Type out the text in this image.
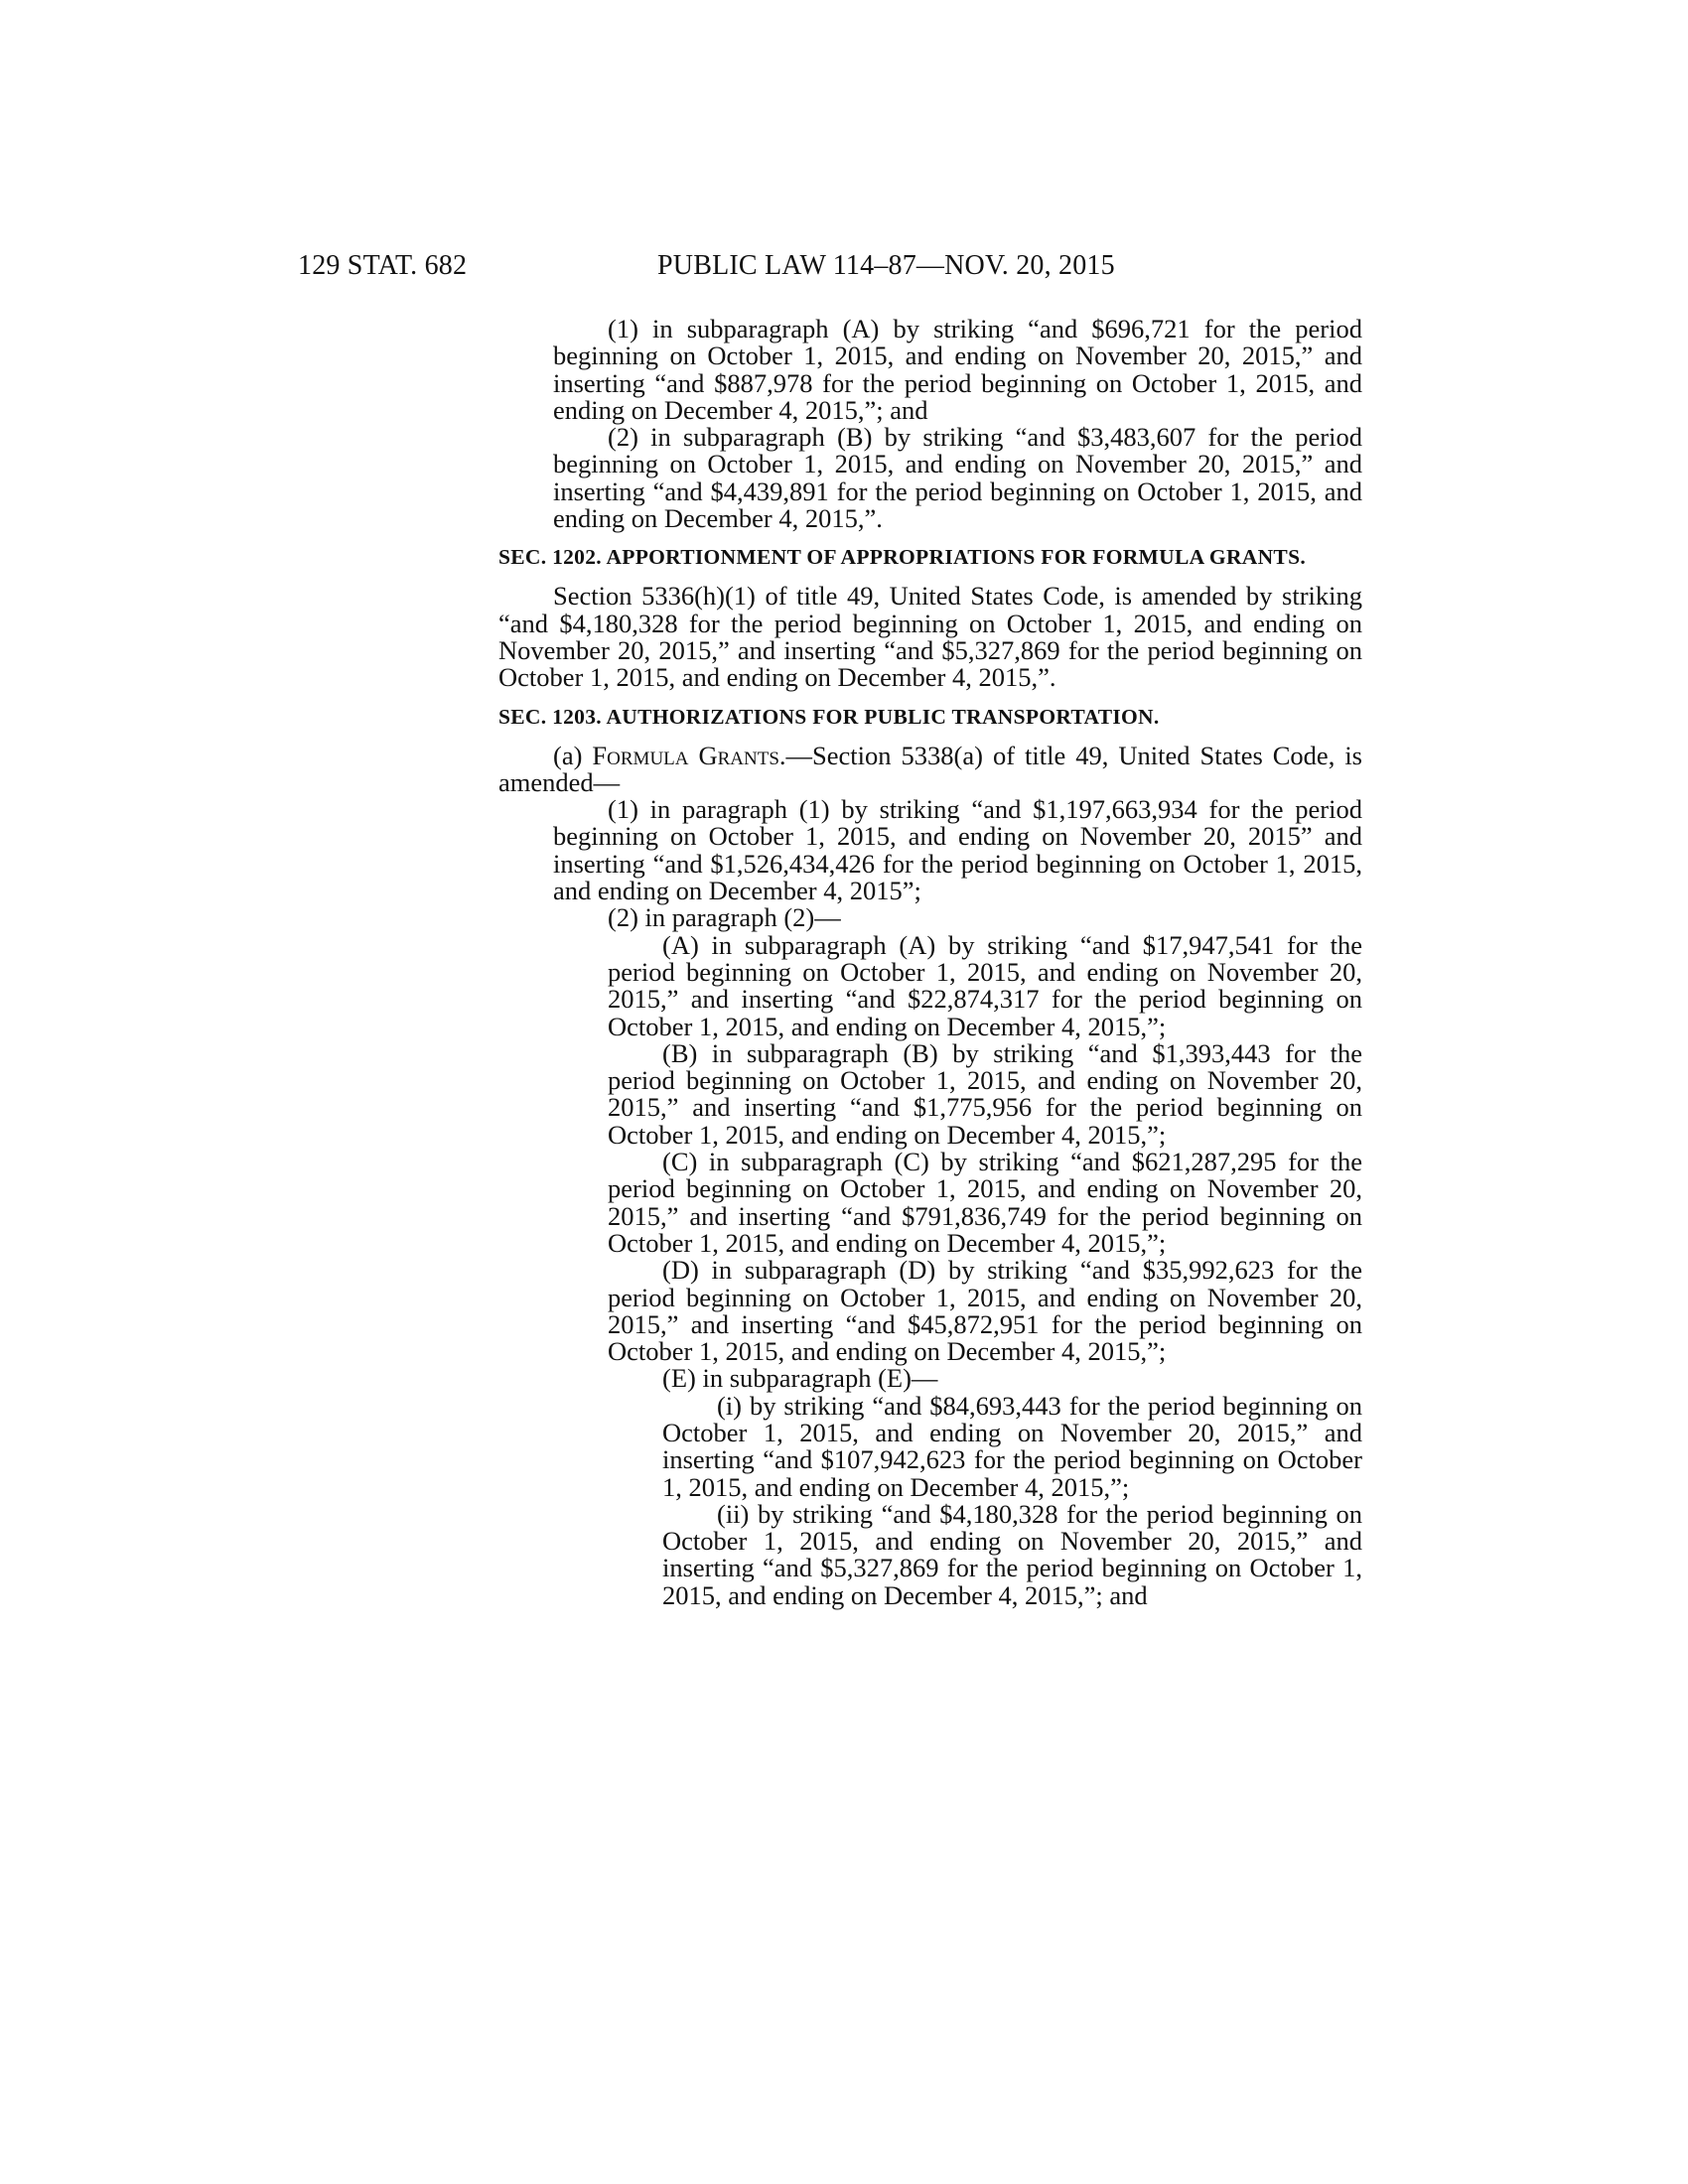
129 STAT. 682	PUBLIC LAW 114–87—NOV. 20, 2015

(1) in subparagraph (A) by striking “and $696,721 for the period beginning on October 1, 2015, and ending on November 20, 2015,” and inserting “and $887,978 for the period beginning on October 1, 2015, and ending on December 4, 2015,”; and

(2) in subparagraph (B) by striking “and $3,483,607 for the period beginning on October 1, 2015, and ending on November 20, 2015,” and inserting “and $4,439,891 for the period beginning on October 1, 2015, and ending on December 4, 2015,”.

SEC. 1202. APPORTIONMENT OF APPROPRIATIONS FOR FORMULA GRANTS.

Section 5336(h)(1) of title 49, United States Code, is amended by striking “and $4,180,328 for the period beginning on October 1, 2015, and ending on November 20, 2015,” and inserting “and $5,327,869 for the period beginning on October 1, 2015, and ending on December 4, 2015,”.

SEC. 1203. AUTHORIZATIONS FOR PUBLIC TRANSPORTATION.

(a) Formula Grants.—Section 5338(a) of title 49, United States Code, is amended—

(1) in paragraph (1) by striking “and $1,197,663,934 for the period beginning on October 1, 2015, and ending on November 20, 2015” and inserting “and $1,526,434,426 for the period beginning on October 1, 2015, and ending on December 4, 2015”;

(2) in paragraph (2)—

(A) in subparagraph (A) by striking “and $17,947,541 for the period beginning on October 1, 2015, and ending on November 20, 2015,” and inserting “and $22,874,317 for the period beginning on October 1, 2015, and ending on December 4, 2015,”;

(B) in subparagraph (B) by striking “and $1,393,443 for the period beginning on October 1, 2015, and ending on November 20, 2015,” and inserting “and $1,775,956 for the period beginning on October 1, 2015, and ending on December 4, 2015,”;

(C) in subparagraph (C) by striking “and $621,287,295 for the period beginning on October 1, 2015, and ending on November 20, 2015,” and inserting “and $791,836,749 for the period beginning on October 1, 2015, and ending on December 4, 2015,”;

(D) in subparagraph (D) by striking “and $35,992,623 for the period beginning on October 1, 2015, and ending on November 20, 2015,” and inserting “and $45,872,951 for the period beginning on October 1, 2015, and ending on December 4, 2015,”;

(E) in subparagraph (E)—

(i) by striking “and $84,693,443 for the period beginning on October 1, 2015, and ending on November 20, 2015,” and inserting “and $107,942,623 for the period beginning on October 1, 2015, and ending on December 4, 2015,”;

(ii) by striking “and $4,180,328 for the period beginning on October 1, 2015, and ending on November 20, 2015,” and inserting “and $5,327,869 for the period beginning on October 1, 2015, and ending on December 4, 2015,”; and
